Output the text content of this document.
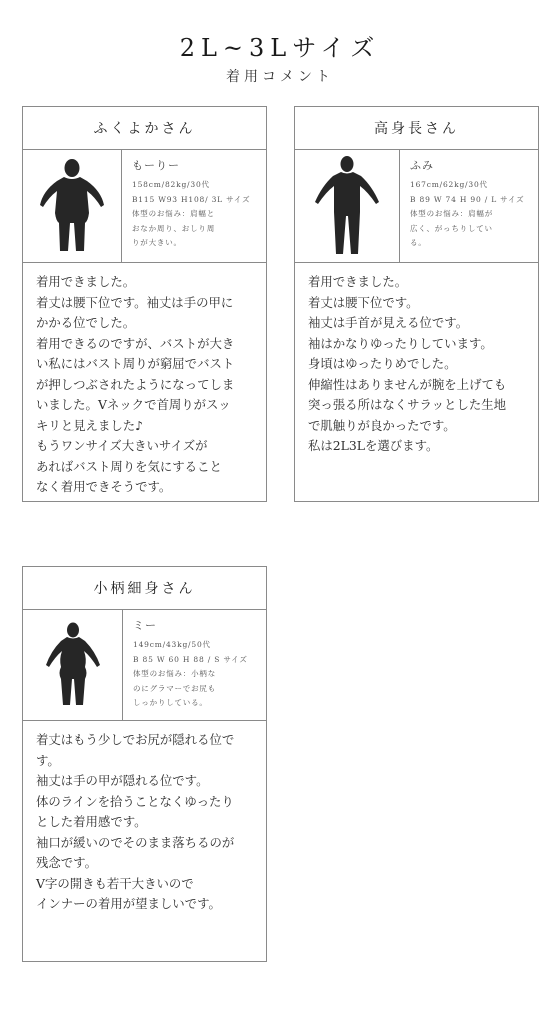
2L~3Lサイズ
着用コメント
ふくよかさん
もーりー
158cm/82kg/30代
B115 W93 H108/ 3L サイズ
体型のお悩み：肩幅と
おなか周り、おしり周
りが大きい。
着用できました。
着丈は腰下位です。袖丈は手の甲に
かかる位でした。
着用できるのですが、バストが大き
い私にはバスト周りが窮屈でバスト
が押しつぶされたようになってしま
いました。Vネックで首周りがスッ
キリと見えました♪
もうワンサイズ大きいサイズが
あればバスト周りを気にすること
なく着用できそうです。
高身長さん
ふみ
167cm/62kg/30代
B 89 W 74 H 90 / L サイズ
体型のお悩み：肩幅が
広く、がっちりしてい
る。
着用できました。
着丈は腰下位です。
袖丈は手首が見える位です。
袖はかなりゆったりしています。
身頃はゆったりめでした。
伸縮性はありませんが腕を上げても
突っ張る所はなくサラッとした生地
で肌触りが良かったです。
私は2L3Lを選びます。
小柄細身さん
ミー
149cm/43kg/50代
B 85 W 60 H 88 / S サイズ
体型のお悩み：小柄な
のにグラマーでお尻も
しっかりしている。
着丈はもう少しでお尻が隠れる位で
す。
袖丈は手の甲が隠れる位です。
体のラインを拾うことなくゆったり
とした着用感です。
袖口が緩いのでそのまま落ちるのが
残念です。
V字の開きも若干大きいので
インナーの着用が望ましいです。
